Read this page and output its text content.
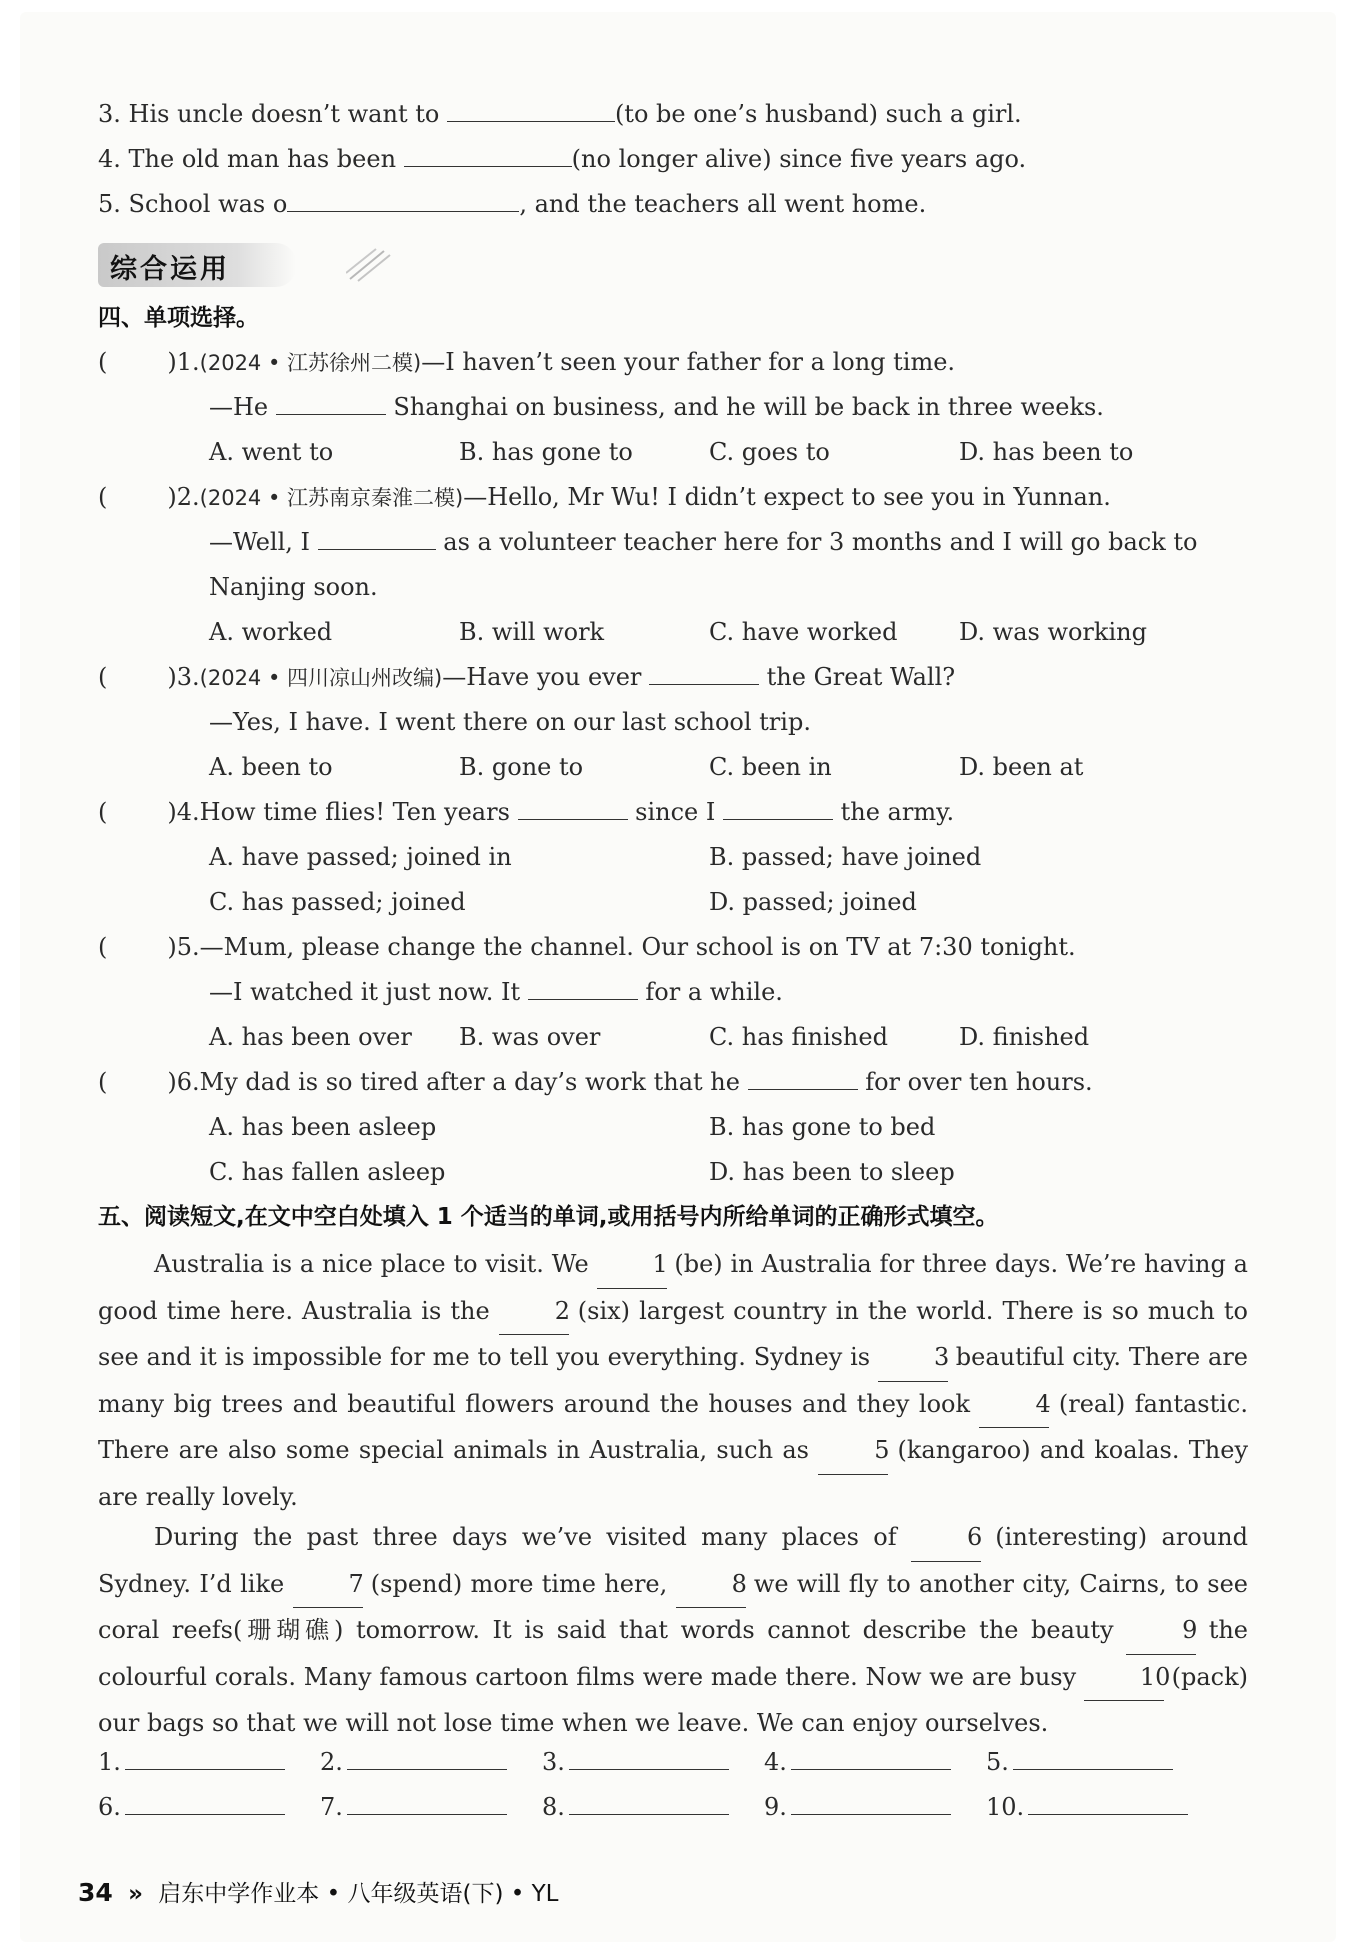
3. His uncle doesn’t want to	(to be one’s husband) such a girl.
4. The old man has been	(no longer alive) since five years ago.
5. School was o	, and the teachers all went home.
综合运用
四、单项选择。
(	)1.(2024 • 江苏徐州二模)—I haven’t seen your father for a long time.
—He	Shanghai on business, and he will be back in three weeks.
A. went to	B. has gone to	C. goes to	D. has been to
(	)2.(2024 • 江苏南京秦淮二模)—Hello, Mr Wu! I didn’t expect to see you in Yunnan.
—Well, I	as a volunteer teacher here for 3 months and I will go back to
Nanjing soon.
A. worked	B. will work	C. have worked	D. was working
(	)3.(2024 • 四川凉山州改编)—Have you ever	the Great Wall?
—Yes, I have. I went there on our last school trip.
A. been to	B. gone to	C. been in	D. been at
(	)4.How time flies! Ten years	since I	the army.
A. have passed; joined in	B. passed; have joined
C. has passed; joined	D. passed; joined
(	)5.—Mum, please change the channel. Our school is on TV at 7:30 tonight.
—I watched it just now. It	for a while.
A. has been over B. was over	C. has finished	D. finished
(	)6.My dad is so tired after a day’s work that he	for over ten hours.
A. has been asleep	B. has gone to bed
C. has fallen asleep	D. has been to sleep
五、阅读短文,在文中空白处填入 1 个适当的单词,或用括号内所给单词的正确形式填空。
Australia is a nice place to visit. We 1 (be) in Australia for three days. We’re having a good time here. Australia is the 2 (six) largest country in the world. There is so much to see and it is impossible for me to tell you everything. Sydney is 3 beautiful city. There are many big trees and beautiful flowers around the houses and they look 4 (real) fantastic. There are also some special animals in Australia, such as 5 (kangaroo) and koalas. They are really lovely.
During the past three days we’ve visited many places of 6 (interesting) around Sydney. I’d like 7 (spend) more time here, 8 we will fly to another city, Cairns, to see coral reefs(珊瑚礁) tomorrow. It is said that words cannot describe the beauty 9 the colourful corals. Many famous cartoon films were made there. Now we are busy 10 (pack) our bags so that we will not lose time when we leave. We can enjoy ourselves.
1.	2.	3.	4.	5.
6.	7.	8.	9.	10.
34 » 启东中学作业本 • 八年级英语(下) • YL
